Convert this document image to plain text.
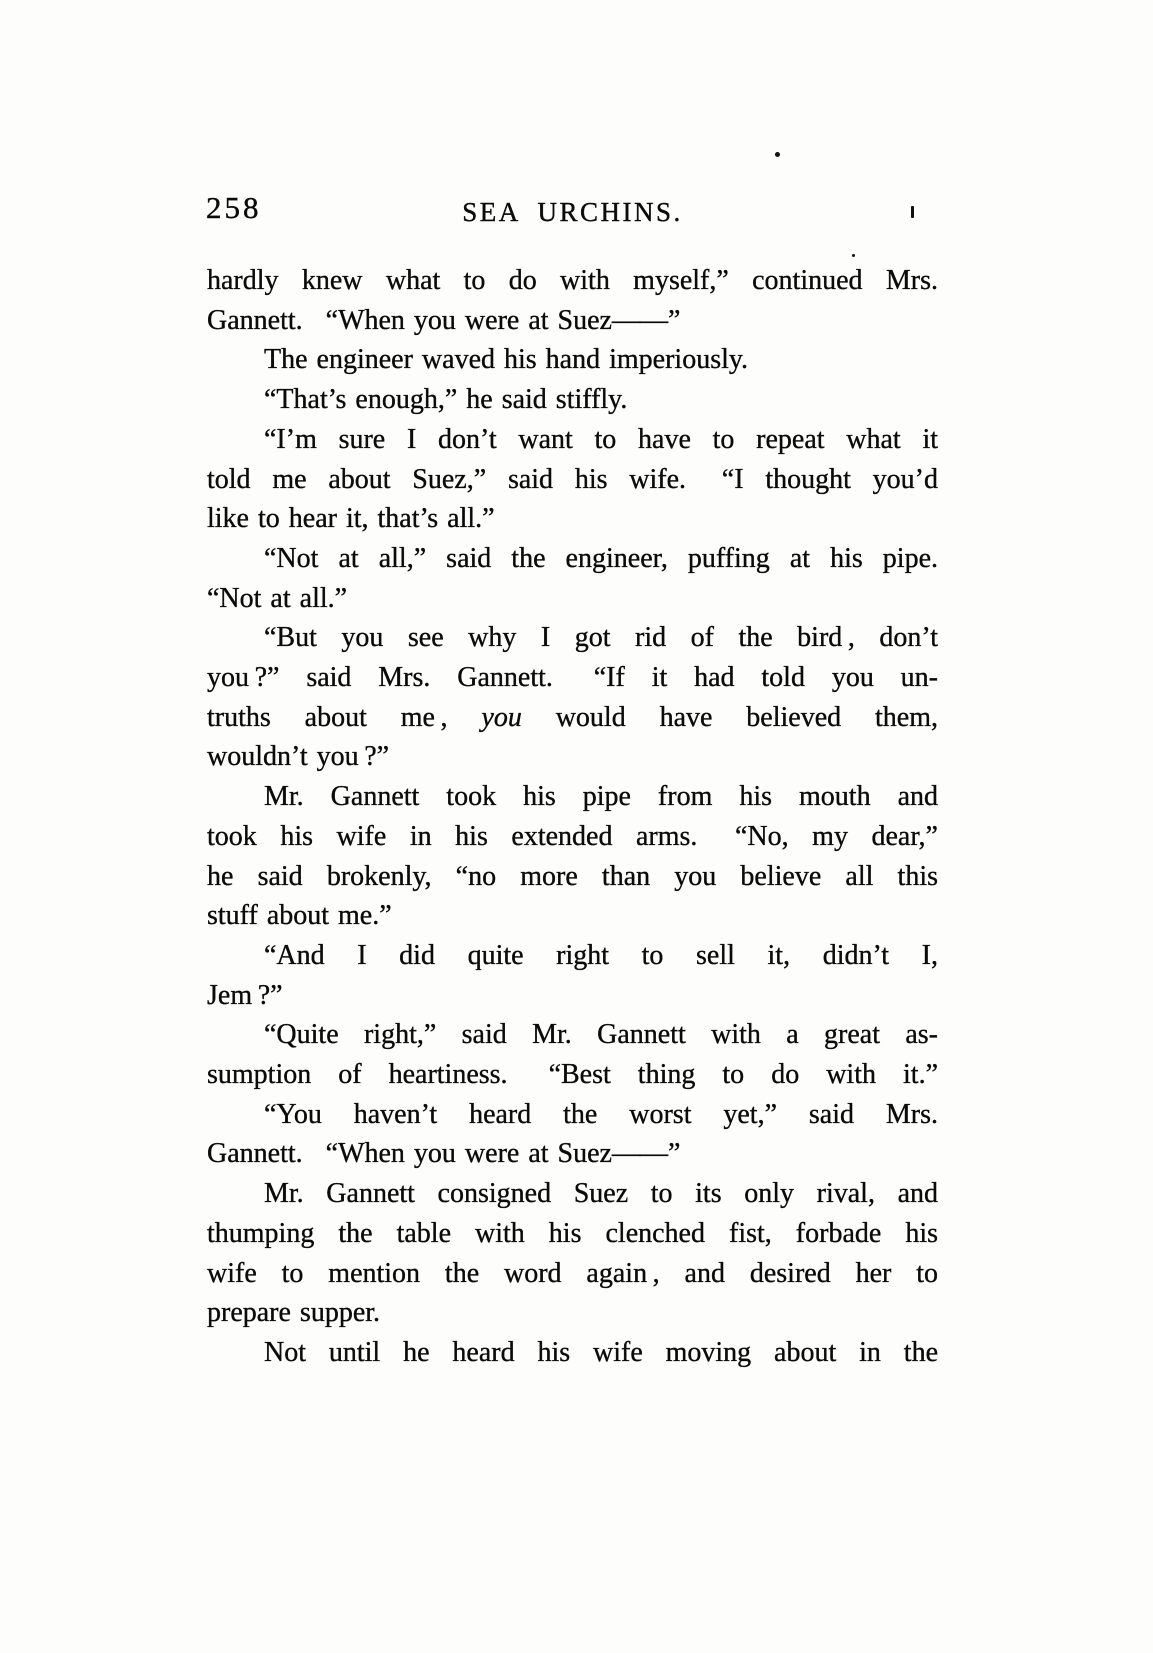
258	SEA URCHINS.
hardly knew what to do with myself,” continued Mrs.
Gannett.  “When you were at Suez——”
The engineer waved his hand imperiously.
“That’s enough,” he said stiffly.
“I’m sure I don’t want to have to repeat what it
told me about Suez,” said his wife.  “I thought you’d
like to hear it, that’s all.”
“Not at all,” said the engineer, puffing at his pipe.
“Not at all.”
“But you see why I got rid of the bird , don’t
you ?” said Mrs. Gannett.  “If it had told you un-
truths about me , you would have believed them,
wouldn’t you ?”
Mr. Gannett took his pipe from his mouth and
took his wife in his extended arms.  “No, my dear,”
he said brokenly, “no more than you believe all this
stuff about me.”
“And I did quite right to sell it, didn’t I,
Jem ?”
“Quite right,” said Mr. Gannett with a great as-
sumption of heartiness.  “Best thing to do with it.”
“You haven’t heard the worst yet,” said Mrs.
Gannett.  “When you were at Suez——”
Mr. Gannett consigned Suez to its only rival, and
thumping the table with his clenched fist, forbade his
wife to mention the word again , and desired her to
prepare supper.
Not until he heard his wife moving about in the
